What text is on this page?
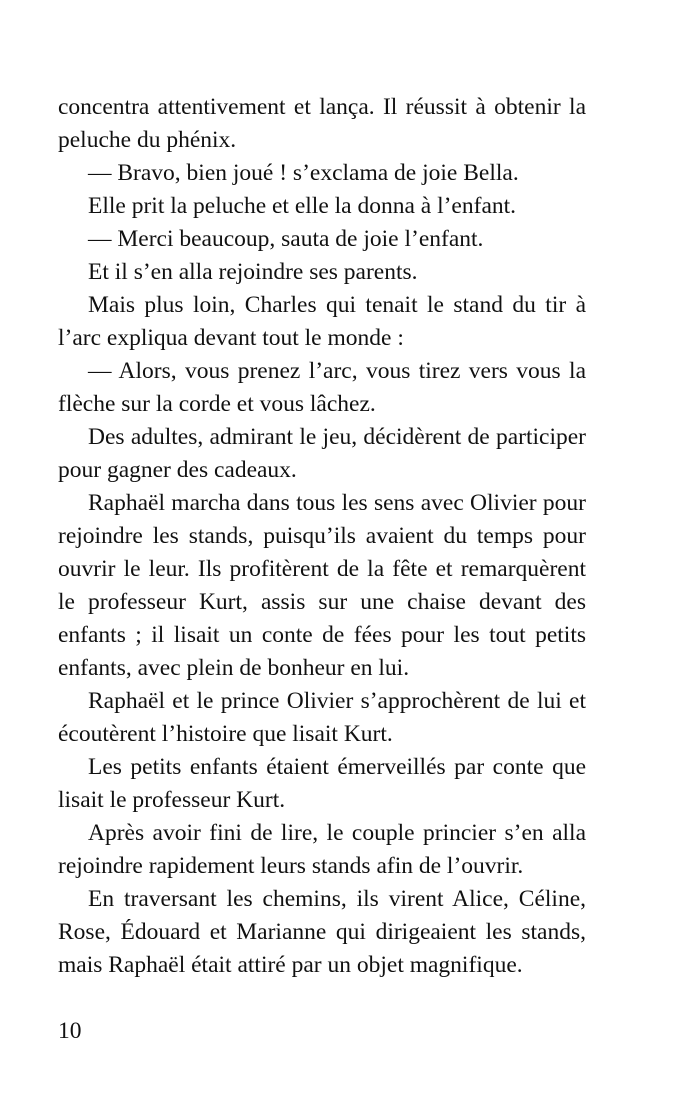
concentra attentivement et lança. Il réussit à obtenir la peluche du phénix.

— Bravo, bien joué ! s’exclama de joie Bella.

Elle prit la peluche et elle la donna à l’enfant.

— Merci beaucoup, sauta de joie l’enfant.

Et il s’en alla rejoindre ses parents.

Mais plus loin, Charles qui tenait le stand du tir à l’arc expliqua devant tout le monde :

— Alors, vous prenez l’arc, vous tirez vers vous la flèche sur la corde et vous lâchez.

Des adultes, admirant le jeu, décidèrent de participer pour gagner des cadeaux.

Raphaël marcha dans tous les sens avec Olivier pour rejoindre les stands, puisqu’ils avaient du temps pour ouvrir le leur. Ils profitèrent de la fête et remarquèrent le professeur Kurt, assis sur une chaise devant des enfants ; il lisait un conte de fées pour les tout petits enfants, avec plein de bonheur en lui.

Raphaël et le prince Olivier s’approchèrent de lui et écoutèrent l’histoire que lisait Kurt.

Les petits enfants étaient émerveillés par conte que lisait le professeur Kurt.

Après avoir fini de lire, le couple princier s’en alla rejoindre rapidement leurs stands afin de l’ouvrir.

En traversant les chemins, ils virent Alice, Céline, Rose, Édouard et Marianne qui dirigeaient les stands, mais Raphaël était attiré par un objet magnifique.

10
